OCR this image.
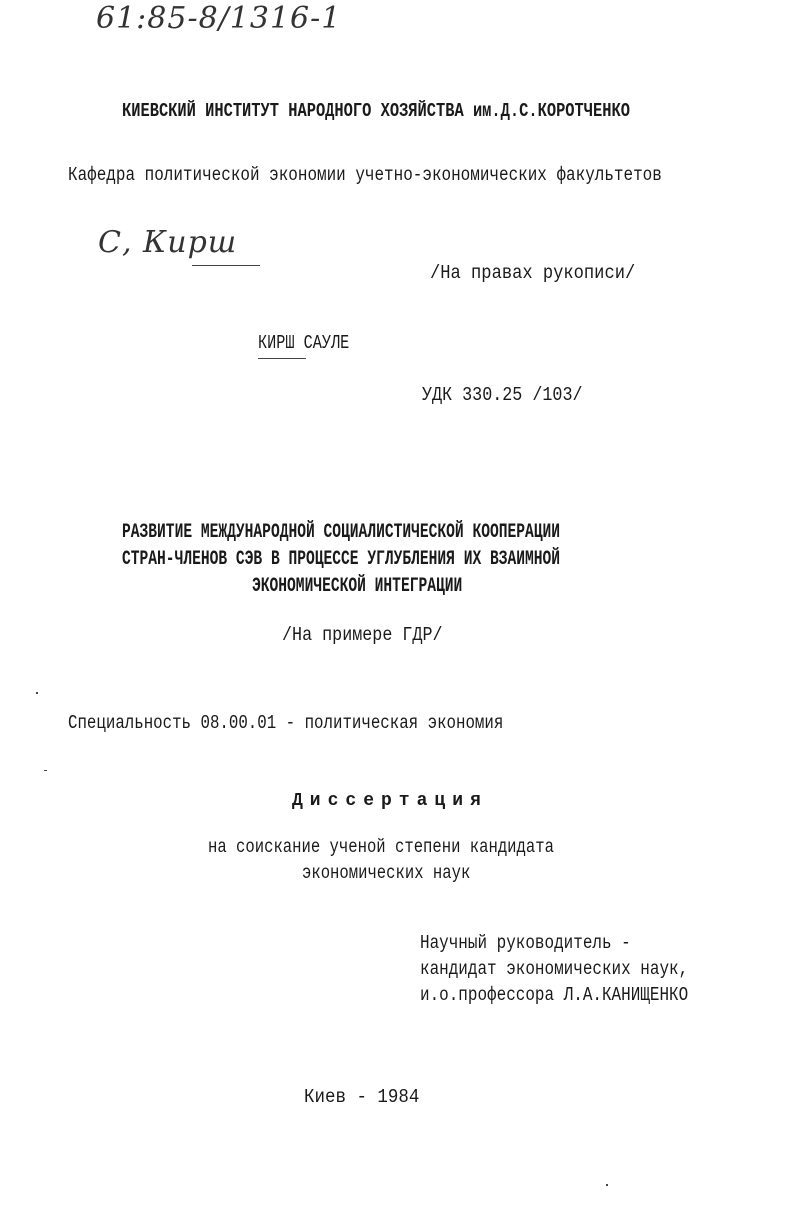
61:85-8/1316-1
КИЕВСКИЙ ИНСТИТУТ НАРОДНОГО ХОЗЯЙСТВА им.Д.С.КОРОТЧЕНКО
Кафедра политической экономии учетно-экономических факультетов
С, Кирш
/На правах рукописи/
КИРШ САУЛЕ
УДК 330.25 /103/
РАЗВИТИЕ МЕЖДУНАРОДНОЙ СОЦИАЛИСТИЧЕСКОЙ КООПЕРАЦИИ
СТРАН-ЧЛЕНОВ СЭВ В ПРОЦЕССЕ УГЛУБЛЕНИЯ ИХ ВЗАИМНОЙ
ЭКОНОМИЧЕСКОЙ ИНТЕГРАЦИИ
/На примере ГДР/
Специальность 08.00.01 - политическая экономия
Диссертация
на соискание ученой степени кандидата
экономических наук
Научный руководитель -
кандидат экономических наук,
и.о.профессора Л.А.КАНИЩЕНКО
Киев - 1984
